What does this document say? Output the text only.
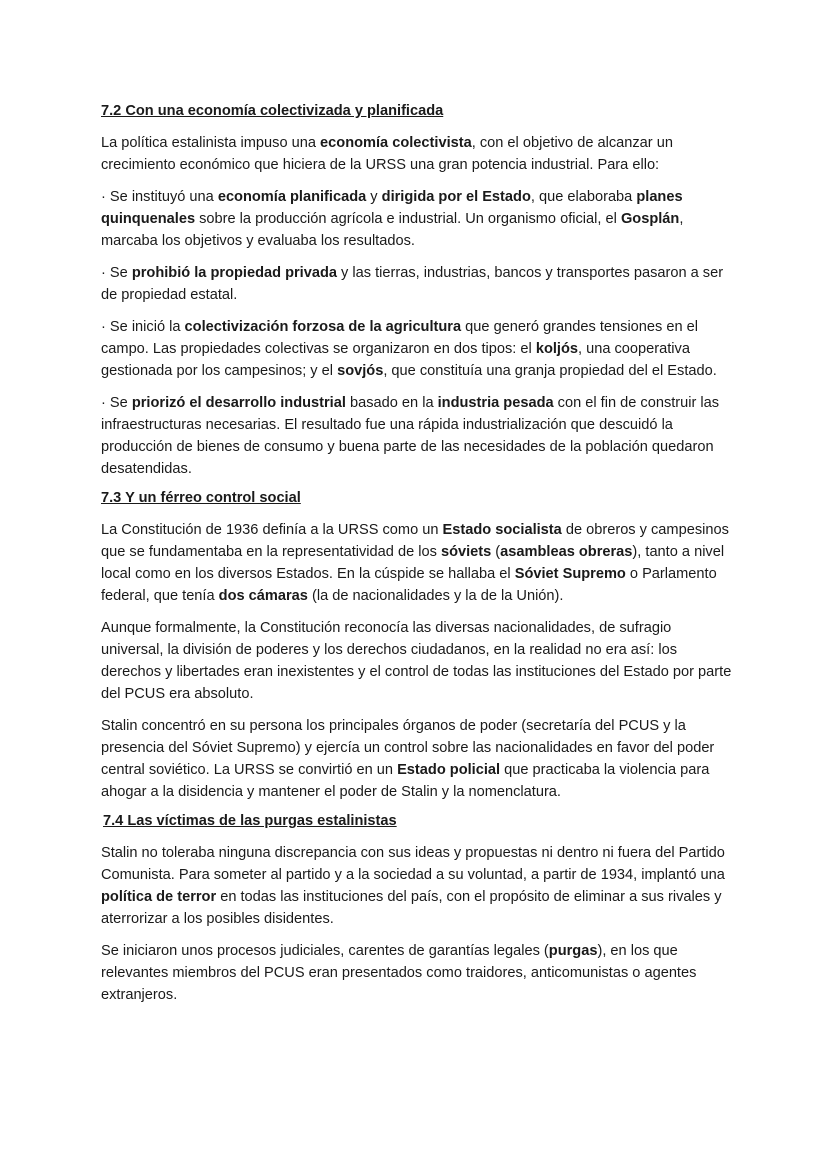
7.2 Con una economía colectivizada y planificada

La política estalinista impuso una economía colectivista, con el objetivo de alcanzar un crecimiento económico que hiciera de la URSS una gran potencia industrial. Para ello:

· Se instituyó una economía planificada y dirigida por el Estado, que elaboraba planes quinquenales sobre la producción agrícola e industrial. Un organismo oficial, el Gosplán, marcaba los objetivos y evaluaba los resultados.

· Se prohibió la propiedad privada y las tierras, industrias, bancos y transportes pasaron a ser de propiedad estatal.

· Se inició la colectivización forzosa de la agricultura que generó grandes tensiones en el campo. Las propiedades colectivas se organizaron en dos tipos: el koljós, una cooperativa gestionada por los campesinos; y el sovjós, que constituía una granja propiedad del el Estado.

· Se priorizó el desarrollo industrial basado en la industria pesada con el fin de construir las infraestructuras necesarias. El resultado fue una rápida industrialización que descuidó la producción de bienes de consumo y buena parte de las necesidades de la población quedaron desatendidas.

7.3 Y un férreo control social

La Constitución de 1936 definía a la URSS como un Estado socialista de obreros y campesinos que se fundamentaba en la representatividad de los sóviets (asambleas obreras), tanto a nivel local como en los diversos Estados. En la cúspide se hallaba el Sóviet Supremo o Parlamento federal, que tenía dos cámaras (la de nacionalidades y la de la Unión).

Aunque formalmente, la Constitución reconocía las diversas nacionalidades, de sufragio universal, la división de poderes y los derechos ciudadanos, en la realidad no era así: los derechos y libertades eran inexistentes y el control de todas las instituciones del Estado por parte del PCUS era absoluto.

Stalin concentró en su persona los principales órganos de poder (secretaría del PCUS y la presencia del Sóviet Supremo) y ejercía un control sobre las nacionalidades en favor del poder central soviético. La URSS se convirtió en un Estado policial que practicaba la violencia para ahogar a la disidencia y mantener el poder de Stalin y la nomenclatura.

7.4 Las víctimas de las purgas estalinistas

Stalin no toleraba ninguna discrepancia con sus ideas y propuestas ni dentro ni fuera del Partido Comunista. Para someter al partido y a la sociedad a su voluntad, a partir de 1934, implantó una política de terror en todas las instituciones del país, con el propósito de eliminar a sus rivales y aterrorizar a los posibles disidentes.

Se iniciaron unos procesos judiciales, carentes de garantías legales (purgas), en los que relevantes miembros del PCUS eran presentados como traidores, anticomunistas o agentes extranjeros.
